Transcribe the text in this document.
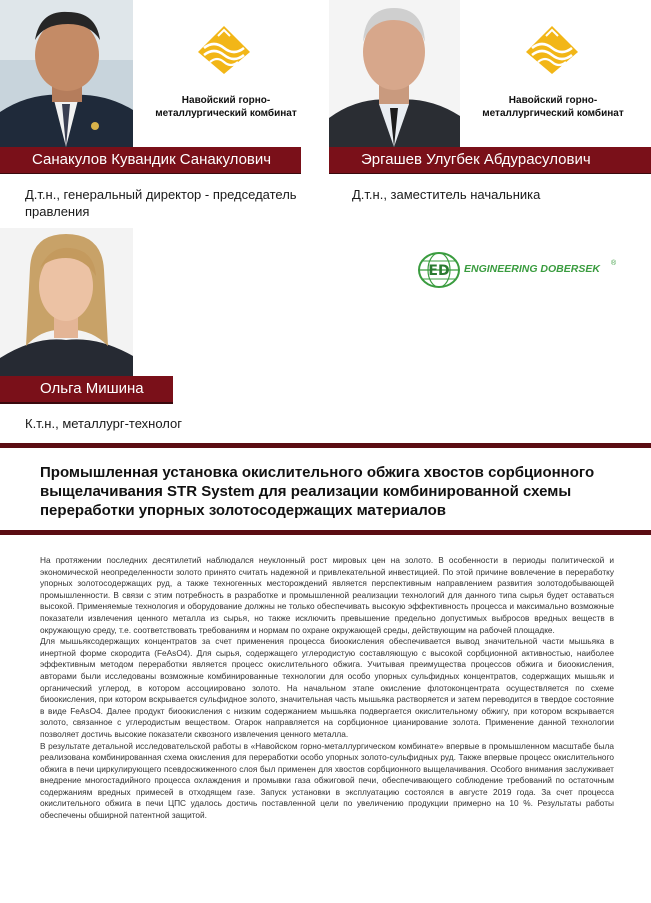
Навойский горно-
металлургический комбинат
Навойский горно-
металлургический комбинат
Санакулов Кувандик Санакулович	Эргашев Улугбек Абдурасулович
Д.т.н., генеральный директор - председатель правления
Д.т.н., заместитель начальника
ED ENGINEERING DOBERSEK ®
Ольга Мишина
К.т.н., металлург-технолог
Промышленная установка окислительного обжига хвостов сорбционного выщелачивания STR System для реализации комбинированной схемы переработки упорных золотосодержащих материалов

На протяжении последних десятилетий наблюдался неуклонный рост мировых цен на золото. В особенности в периоды политической и экономической неопределенности золото принято считать надежной и привлекательной инвестицией. По этой причине вовлечение в переработку упорных золотосодержащих руд, а также техногенных месторождений является перспективным направлением развития золотодобывающей промышленности. В связи с этим потребность в разработке и промышленной реализации технологий для данного типа сырья будет оставаться высокой. Применяемые технология и оборудование должны не только обеспечивать высокую эффективность процесса и максимально возможные показатели извлечения ценного металла из сырья, но также исключить превышение предельно допустимых выбросов вредных веществ в окружающую среду, т.е. соответствовать требованиям и нормам по охране окружающей среды, действующим на рабочей площадке.

Для мышьяксодержащих концентратов за счет применения процесса биоокисления обеспечивается вывод значительной части мышьяка в инертной форме скородита (FeAsO4). Для сырья, содержащего углеродистую составляющую с высокой сорбционной активностью, наиболее эффективным методом переработки является процесс окислительного обжига. Учитывая преимущества процессов обжига и биоокисления, авторами были исследованы возможные комбинированные технологии для особо упорных сульфидных концентратов, содержащих мышьяк и органический углерод, в котором ассоциировано золото. На начальном этапе окисление флотоконцентрата осуществляется по схеме биоокисления, при котором вскрывается сульфидное золото, значительная часть мышьяка растворяется и затем переводится в твердое состояние в виде FeAsO4. Далее продукт биоокисления с низким содержанием мышьяка подвергается окислительному обжигу, при котором вскрывается золото, связанное с углеродистым веществом. Огарок направляется на сорбционное цианирование золота. Применение данной технологии позволяет достичь высокие показатели сквозного извлечения ценного металла.

В результате детальной исследовательской работы в «Навойском горно-металлургическом комбинате» впервые в промышленном масштабе была реализована комбинированная схема окисления для переработки особо упорных золото-сульфидных руд. Также впервые процесс окислительного обжига в печи циркулирующего псевдосжиженного слоя был применен для хвостов сорбционного выщелачивания. Особого внимания заслуживает внедрение многостадийного процесса охлаждения и промывки газа обжиговой печи, обеспечивающего соблюдение требований по остаточным содержаниям вредных примесей в отходящем газе. Запуск установки в эксплуатацию состоялся в августе 2019 года. За счет процесса окислительного обжига в печи ЦПС удалось достичь поставленной цели по увеличению продукции примерно на 10 %. Результаты работы обеспечены обширной патентной защитой.
